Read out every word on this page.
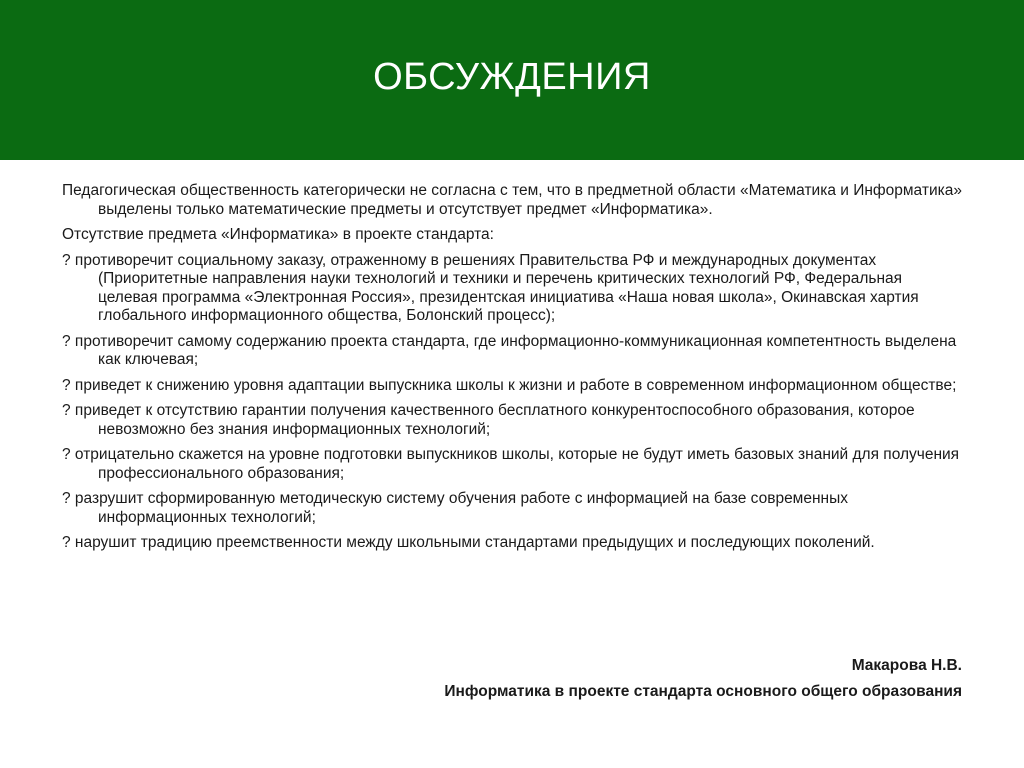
ОБСУЖДЕНИЯ

Педагогическая общественность категорически не согласна с тем, что в предметной области «Математика и Информатика» выделены только математические предметы и отсутствует предмет «Информатика».

Отсутствие предмета «Информатика» в проекте стандарта:

? противоречит социальному заказу, отраженному в решениях Правительства РФ и международных документах (Приоритетные направления науки технологий и техники и перечень критических технологий РФ, Федеральная целевая программа «Электронная Россия», президентская инициатива «Наша новая школа», Окинавская хартия глобального информационного общества, Болонский процесс);

? противоречит самому содержанию проекта стандарта, где информационно-коммуникационная компетентность выделена как ключевая;

? приведет к снижению уровня адаптации выпускника школы к жизни и работе в современном информационном обществе;

? приведет к отсутствию гарантии получения качественного бесплатного конкурентоспособного образования, которое невозможно без знания информационных технологий;

? отрицательно скажется на уровне подготовки выпускников школы, которые не будут иметь базовых знаний для получения профессионального образования;

? разрушит сформированную методическую систему обучения работе с информацией на базе современных информационных технологий;

? нарушит традицию преемственности между школьными стандартами предыдущих и последующих поколений.

Макарова Н.В.
Информатика в проекте стандарта основного общего образования
